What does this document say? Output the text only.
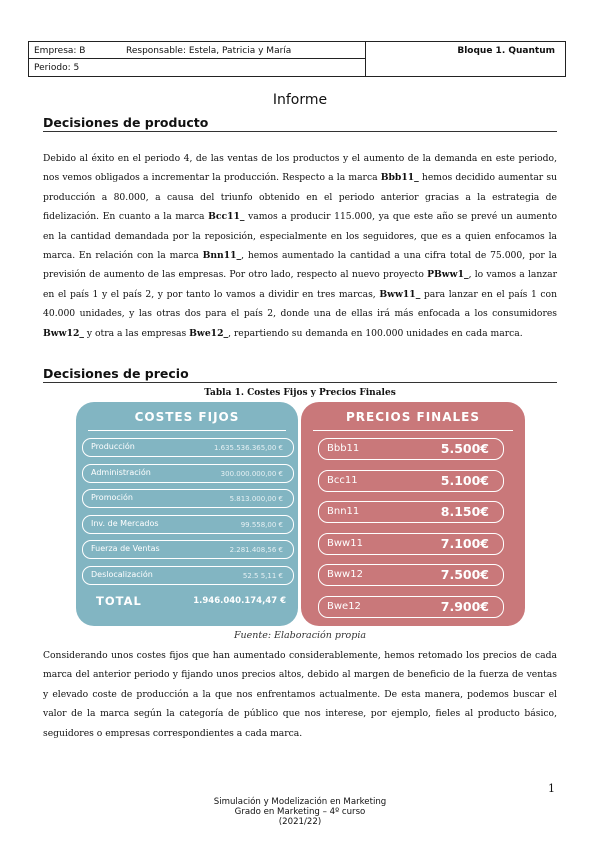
Empresa: B	Responsable: Estela, Patricia y María
Periodo: 5
Bloque 1. Quantum
Informe
Decisiones de producto
Debido al éxito en el periodo 4, de las ventas de los productos y el aumento de la demanda en este periodo, nos vemos obligados a incrementar la producción. Respecto a la marca Bbb11_ hemos decidido aumentar su producción a 80.000, a causa del triunfo obtenido en el periodo anterior gracias a la estrategia de fidelización. En cuanto a la marca Bcc11_ vamos a producir 115.000, ya que este año se prevé un aumento en la cantidad demandada por la reposición, especialmente en los seguidores, que es a quien enfocamos la marca. En relación con la marca Bnn11_, hemos aumentado la cantidad a una cifra total de 75.000, por la previsión de aumento de las empresas. Por otro lado, respecto al nuevo proyecto PBww1_, lo vamos a lanzar en el país 1 y el país 2, y por tanto lo vamos a dividir en tres marcas, Bww11_ para lanzar en el país 1 con 40.000 unidades, y las otras dos para el país 2, donde una de ellas irá más enfocada a los consumidores Bww12_ y otra a las empresas Bwe12_, repartiendo su demanda en 100.000 unidades en cada marca.
Decisiones de precio
Tabla 1. Costes Fijos y Precios Finales
COSTES FIJOS
Producción	1.635.536.365,00 €
Administración	300.000.000,00 €
Promoción	5.813.000,00 €
Inv. de Mercados	99.558,00 €
Fuerza de Ventas	2.281.408,56 €
Deslocalización	52.5 5,11 €
TOTAL	1.946.040.174,47 €
PRECIOS FINALES
Bbb11	5.500€
Bcc11	5.100€
Bnn11	8.150€
Bww11	7.100€
Bww12	7.500€
Bwe12	7.900€
Fuente: Elaboración propia
Considerando unos costes fijos que han aumentado considerablemente, hemos retomado los precios de cada marca del anterior periodo y fijando unos precios altos, debido al margen de beneficio de la fuerza de ventas y elevado coste de producción a la que nos enfrentamos actualmente. De esta manera, podemos buscar el valor de la marca según la categoría de público que nos interese, por ejemplo, fieles al producto básico, seguidores o empresas correspondientes a cada marca.
1
Simulación y Modelización en Marketing
Grado en Marketing – 4º curso
(2021/22)
